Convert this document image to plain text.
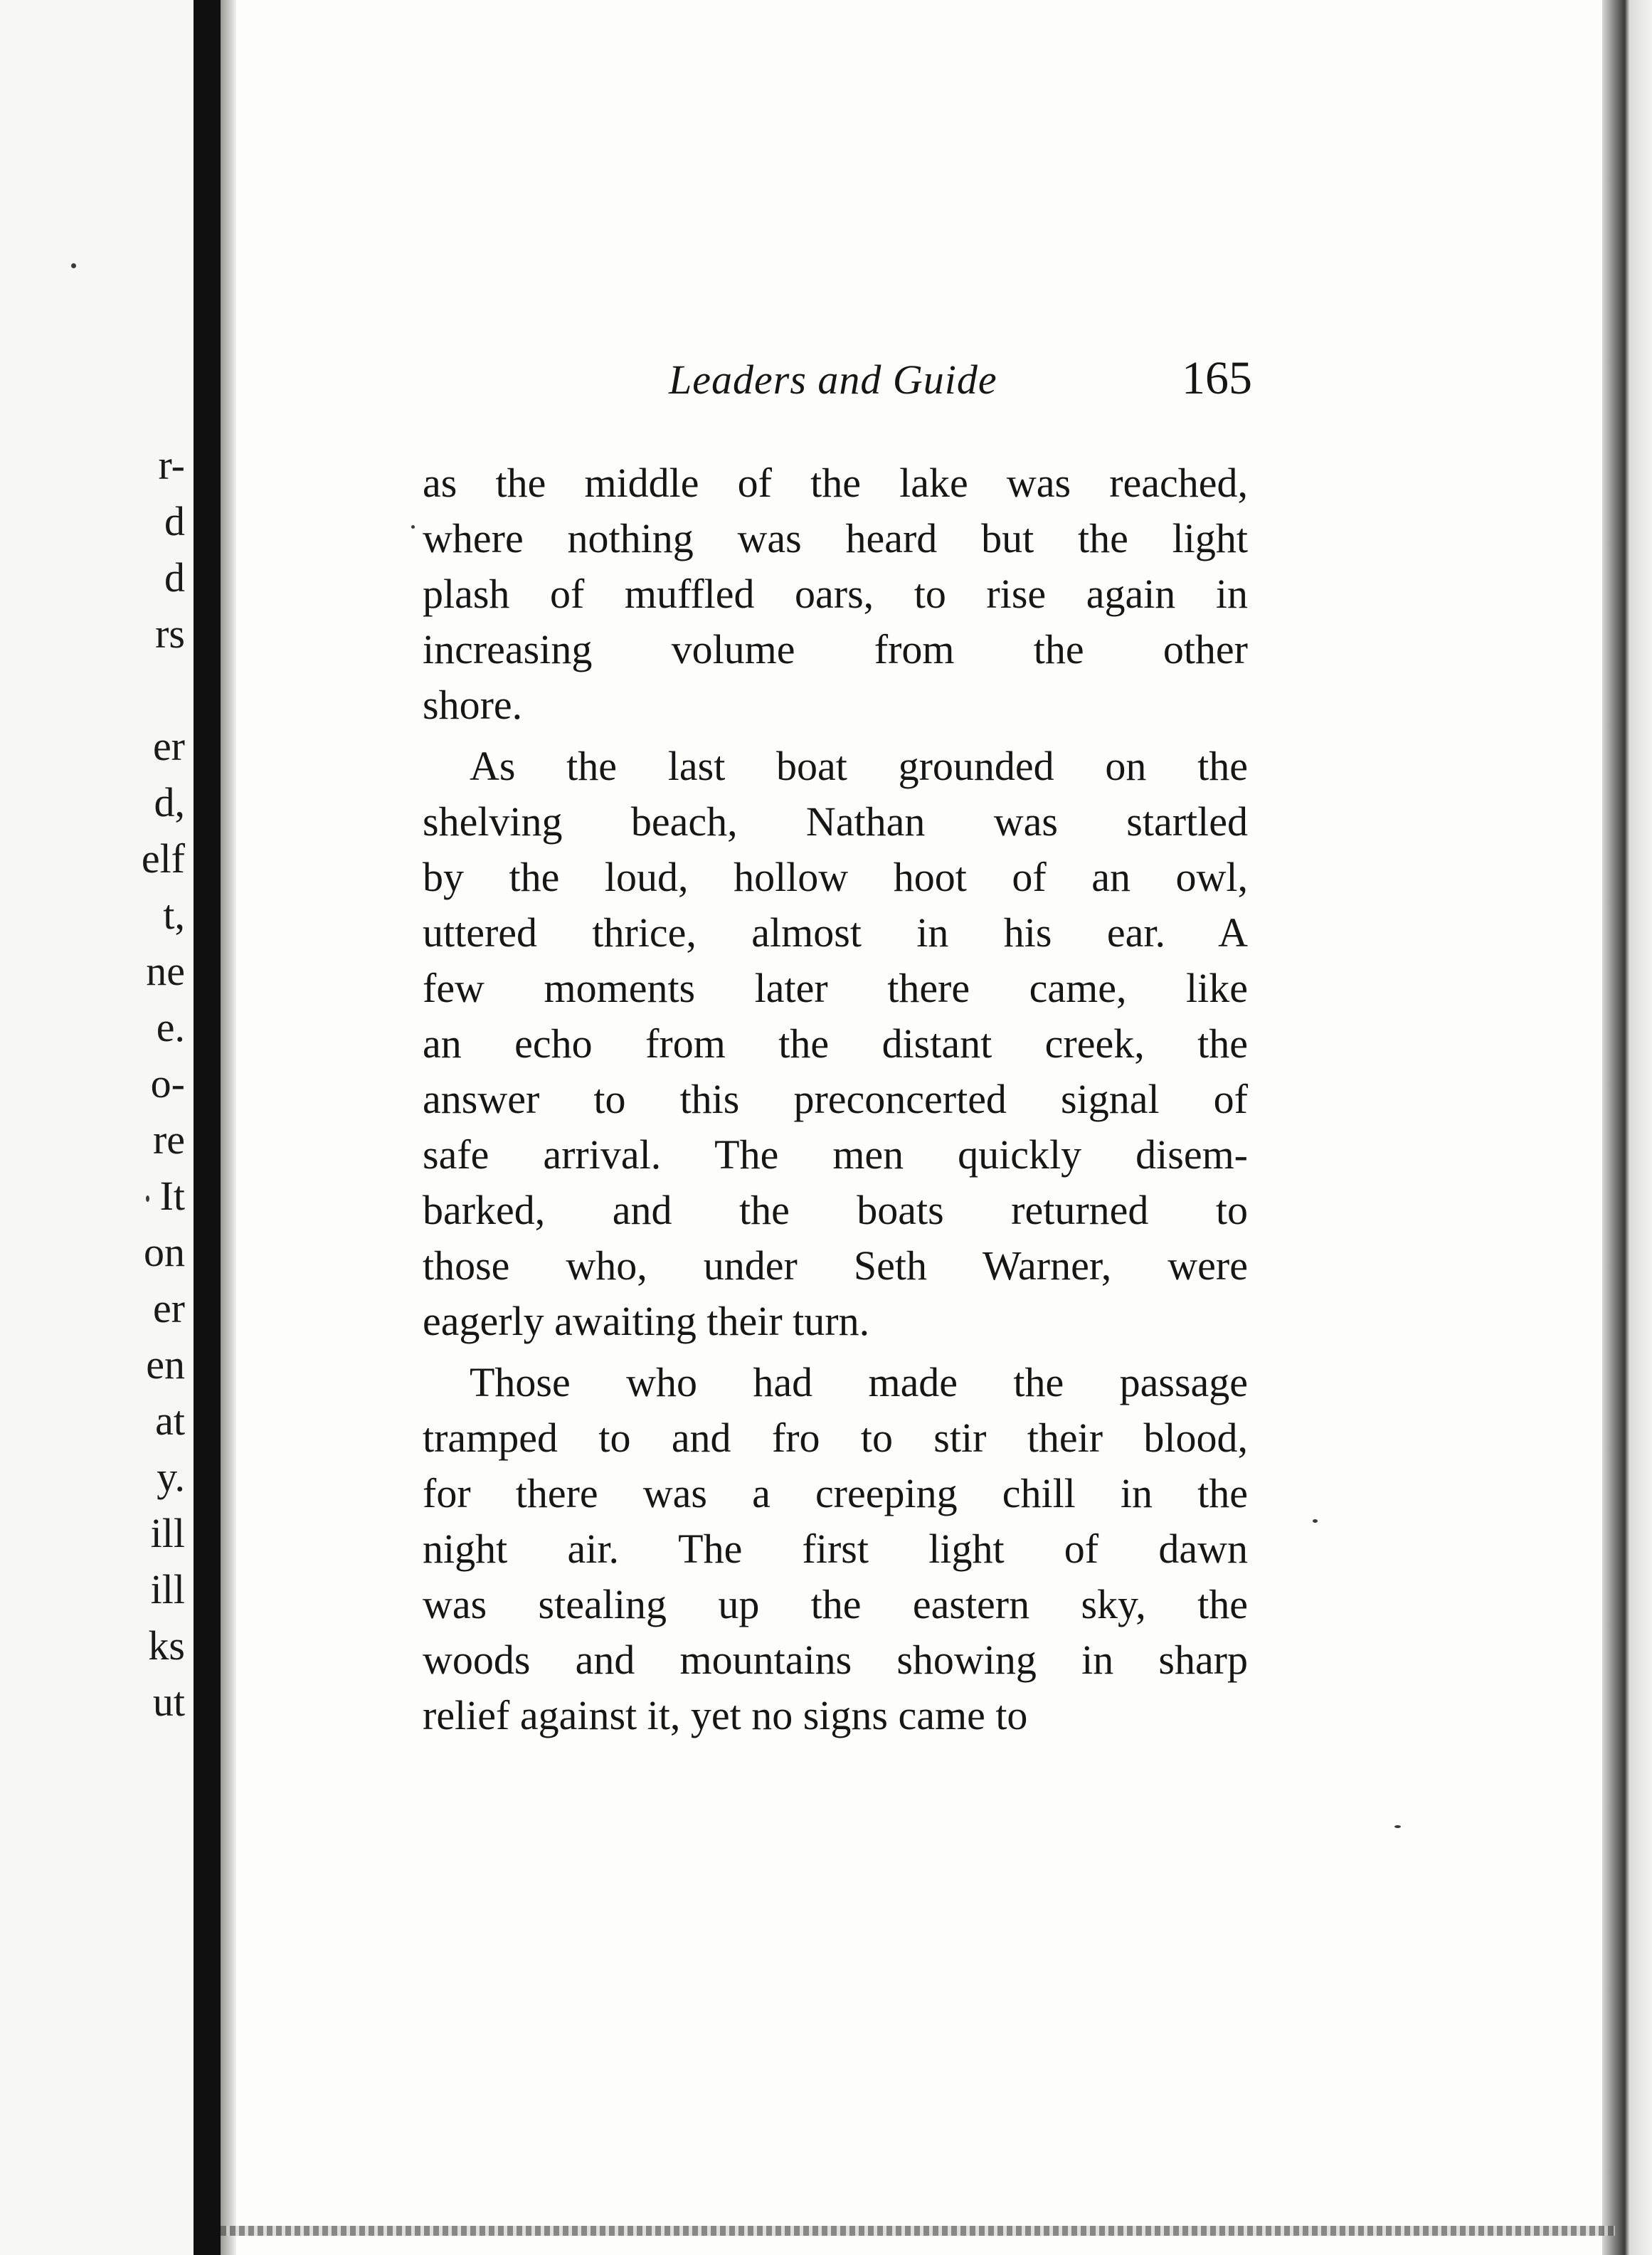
r-
d
d
rs
er
d,
elf
t,
ne
e.
o-
re
It
on
er
en
at
y.
ill
ill
ks
ut
Leaders and Guide	165
as the middle of the lake was reached,
where nothing was heard but the light
plash of muffled oars, to rise again in
increasing volume from the other
shore.
As the last boat grounded on the
shelving beach, Nathan was startled
by the loud, hollow hoot of an owl,
uttered thrice, almost in his ear. A
few moments later there came, like
an echo from the distant creek, the
answer to this preconcerted signal of
safe arrival. The men quickly disem-
barked, and the boats returned to
those who, under Seth Warner, were
eagerly awaiting their turn.
Those who had made the passage
tramped to and fro to stir their blood,
for there was a creeping chill in the
night air. The first light of dawn
was stealing up the eastern sky, the
woods and mountains showing in sharp
relief against it, yet no signs came to
